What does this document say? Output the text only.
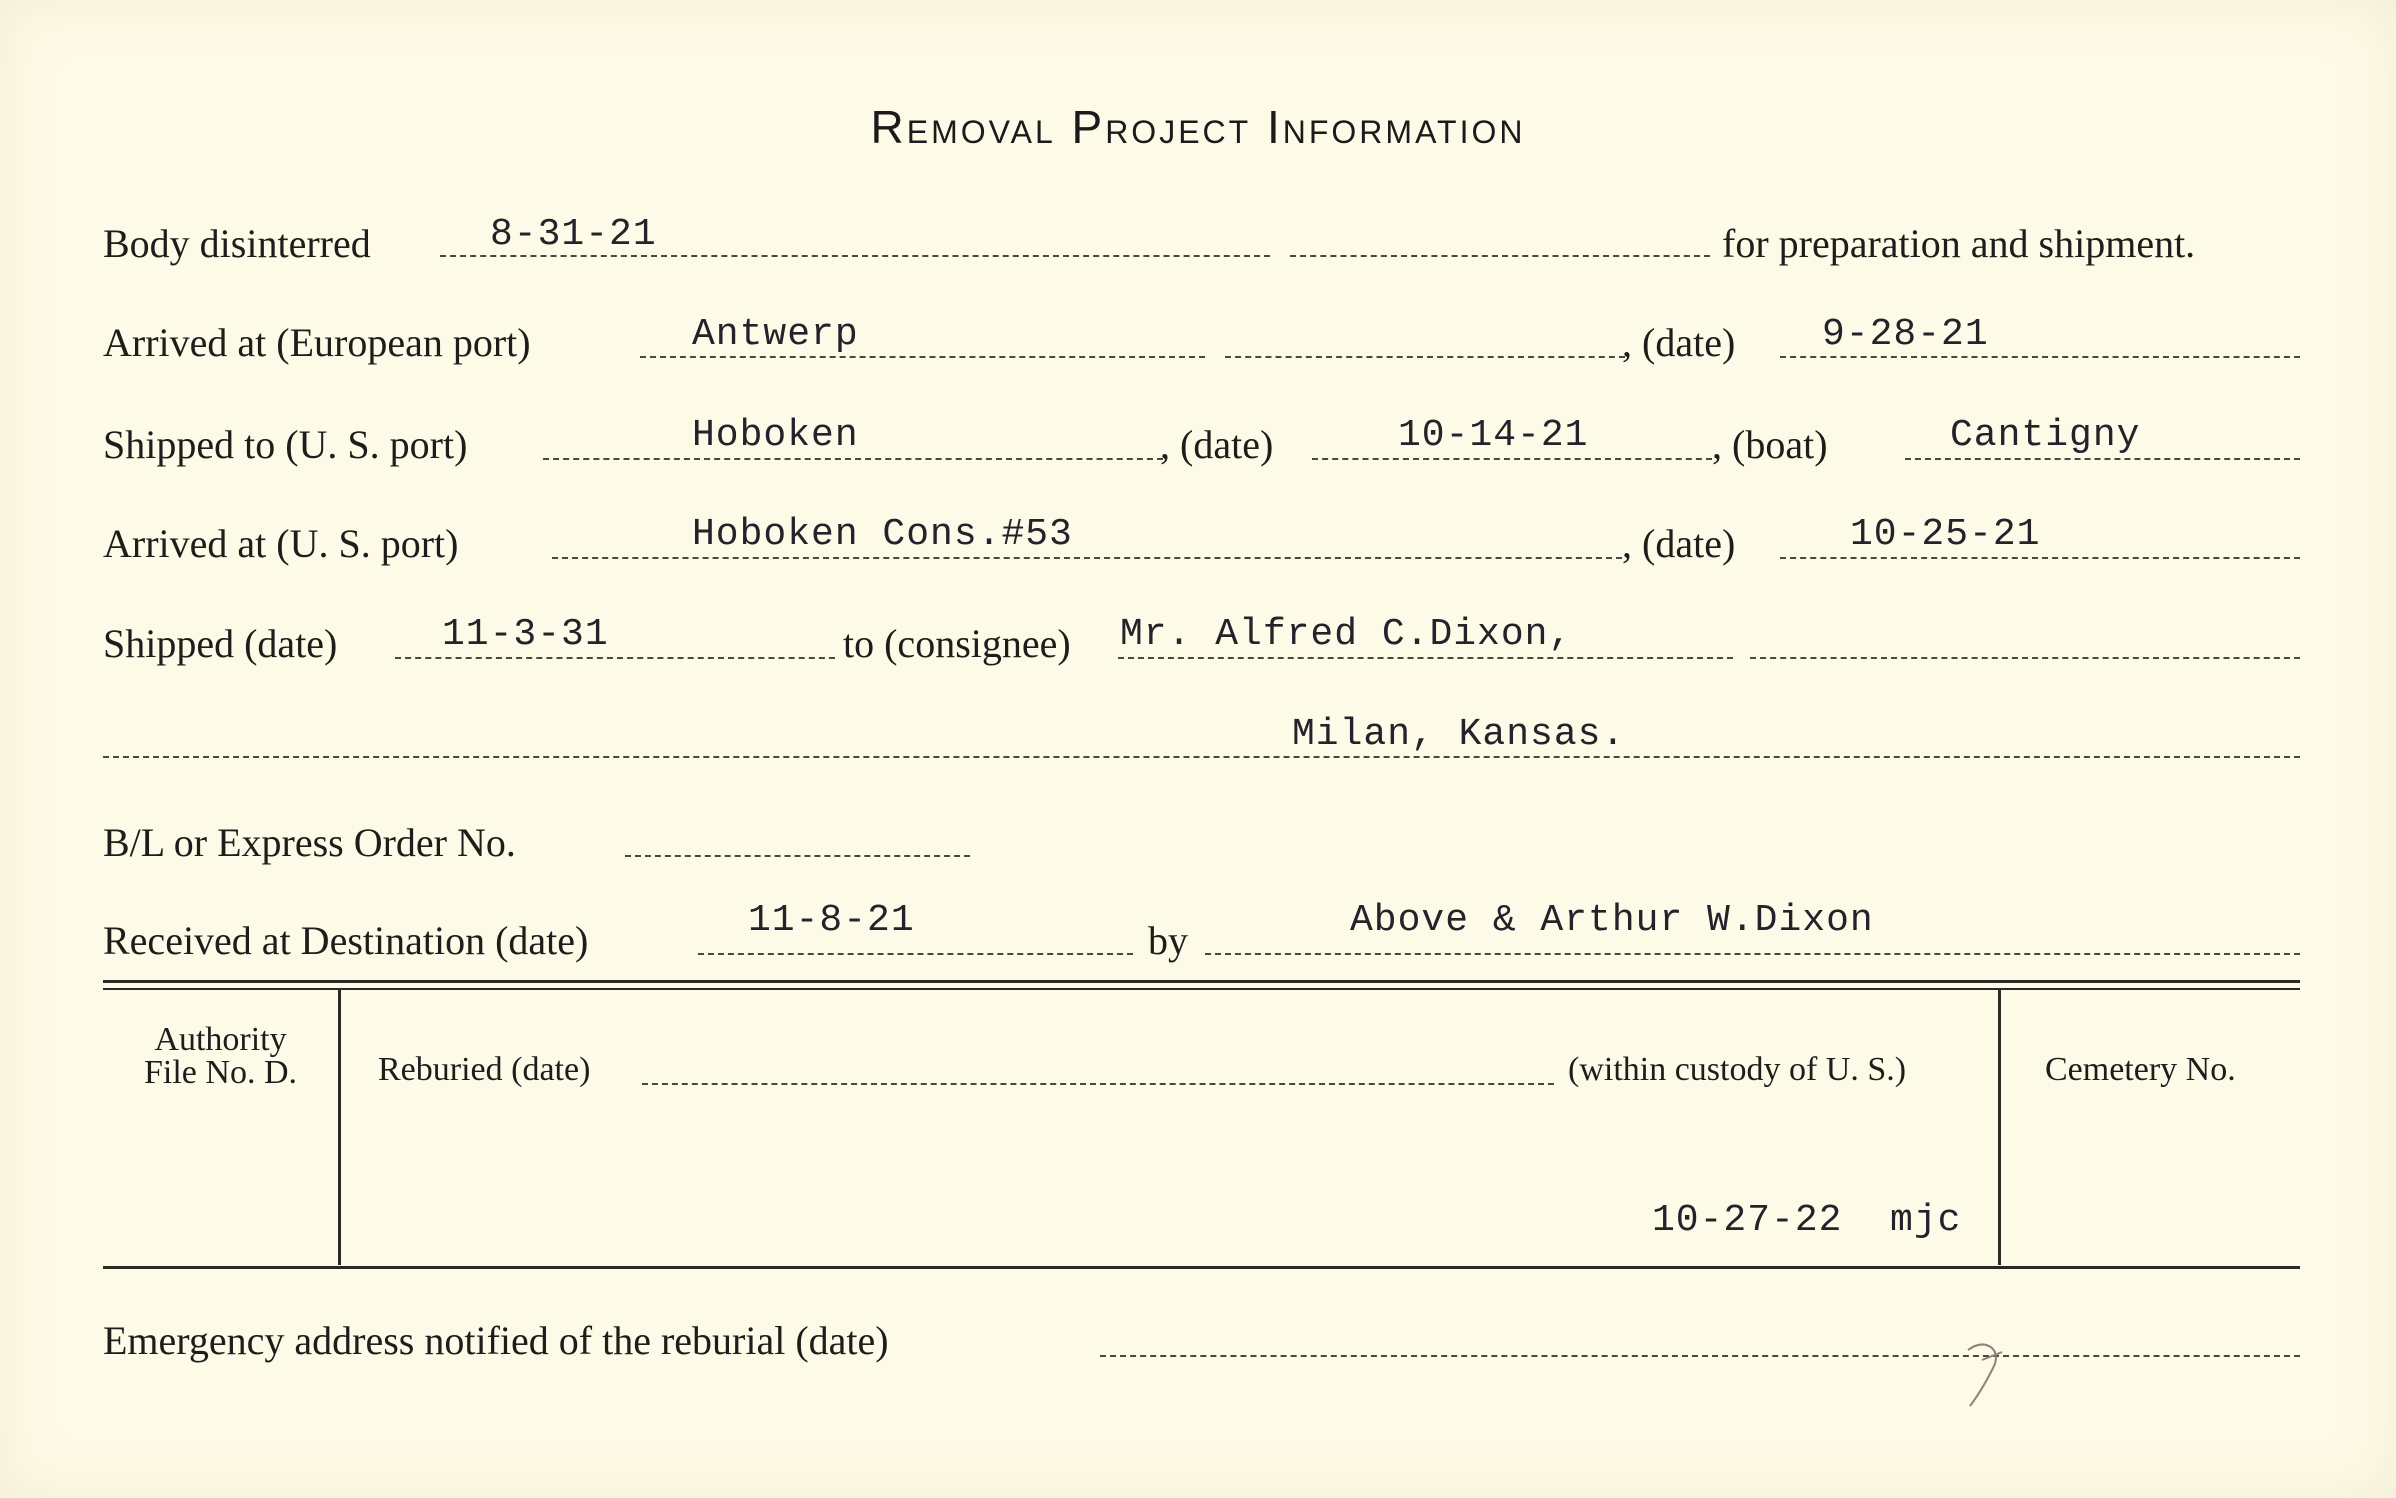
Removal Project Information
Body disinterred	8-31-21	for preparation and shipment.
Arrived at (European port)	Antwerp	, (date) 9-28-21
Shipped to (U. S. port)	Hoboken	, (date)	10-14-21	, (boat)	Cantigny
Arrived at (U. S. port)	Hoboken Cons.#53	, (date)	10-25-21
Shipped (date)	11-3-31	to (consignee) Mr. Alfred C.Dixon,
Milan, Kansas.
B/L or Express Order No.
Received at Destination (date)	11-8-21	by	Above & Arthur W.Dixon
Authority
File No. D.	Reburied (date)	(within custody of U. S.)	Cemetery No.
10-27-22  mjc
Emergency address notified of the reburial (date)
